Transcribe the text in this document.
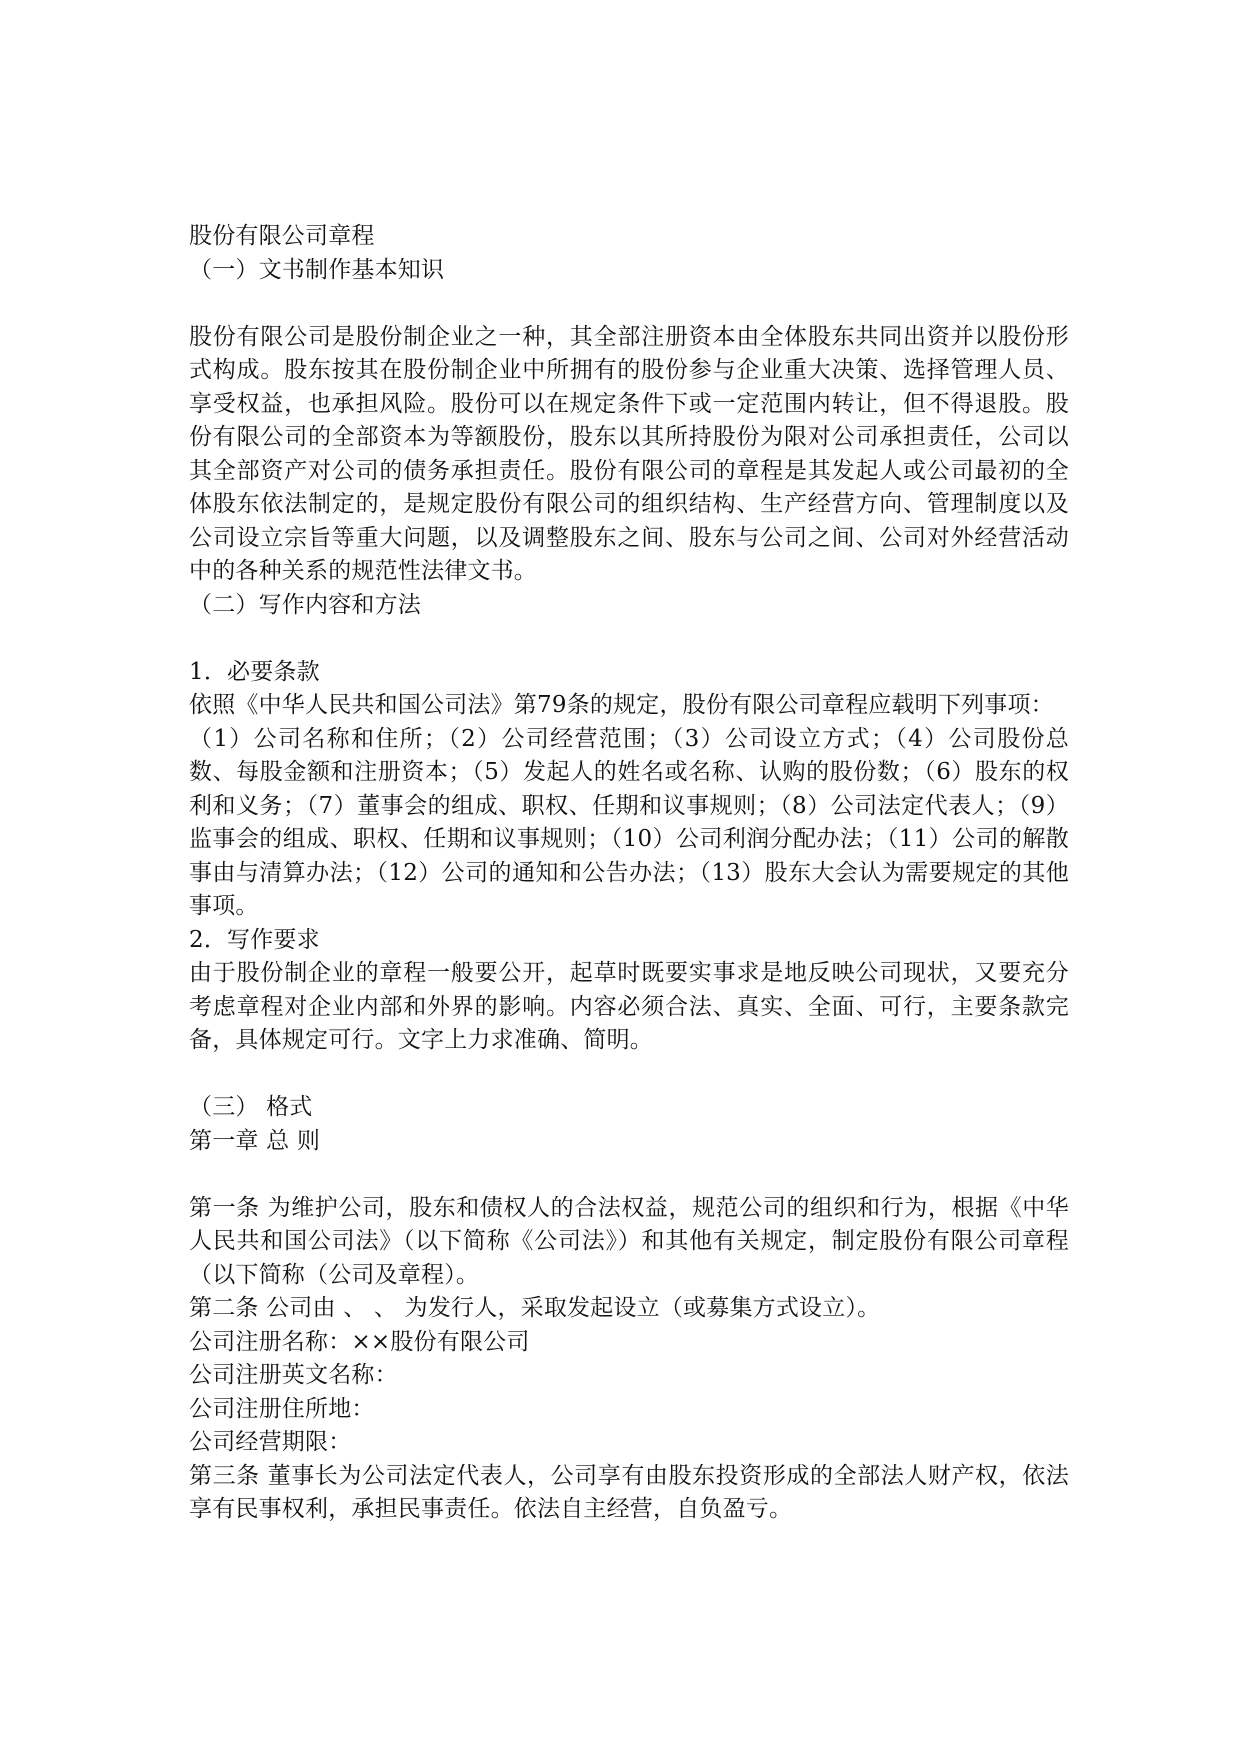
股份有限公司章程

（一）文书制作基本知识

股份有限公司是股份制企业之一种，其全部注册资本由全体股东共同出资并以股份形式构成。股东按其在股份制企业中所拥有的股份参与企业重大决策、选择管理人员、享受权益，也承担风险。股份可以在规定条件下或一定范围内转让，但不得退股。股份有限公司的全部资本为等额股份，股东以其所持股份为限对公司承担责任，公司以其全部资产对公司的债务承担责任。股份有限公司的章程是其发起人或公司最初的全体股东依法制定的，是规定股份有限公司的组织结构、生产经营方向、管理制度以及公司设立宗旨等重大问题，以及调整股东之间、股东与公司之间、公司对外经营活动中的各种关系的规范性法律文书。

（二）写作内容和方法

1．必要条款

依照《中华人民共和国公司法》第79条的规定，股份有限公司章程应载明下列事项：

（1）公司名称和住所；（2）公司经营范围；（3）公司设立方式；（4）公司股份总数、每股金额和注册资本；（5）发起人的姓名或名称、认购的股份数；（6）股东的权利和义务；（7）董事会的组成、职权、任期和议事规则；（8）公司法定代表人；（9）监事会的组成、职权、任期和议事规则；（10）公司利润分配办法；（11）公司的解散事由与清算办法；（12）公司的通知和公告办法；（13）股东大会认为需要规定的其他事项。

2．写作要求

由于股份制企业的章程一般要公开，起草时既要实事求是地反映公司现状，又要充分考虑章程对企业内部和外界的影响。内容必须合法、真实、全面、可行，主要条款完备，具体规定可行。文字上力求准确、简明。

（三） 格式

第一章 总 则

第一条 为维护公司，股东和债权人的合法权益，规范公司的组织和行为，根据《中华人民共和国公司法》（以下简称《公司法》）和其他有关规定，制定股份有限公司章程（以下简称（公司及章程）。

第二条 公司由 、 、 为发行人，采取发起设立（或募集方式设立）。

公司注册名称：××股份有限公司

公司注册英文名称：

公司注册住所地：

公司经营期限：

第三条 董事长为公司法定代表人，公司享有由股东投资形成的全部法人财产权，依法享有民事权利，承担民事责任。依法自主经营，自负盈亏。
